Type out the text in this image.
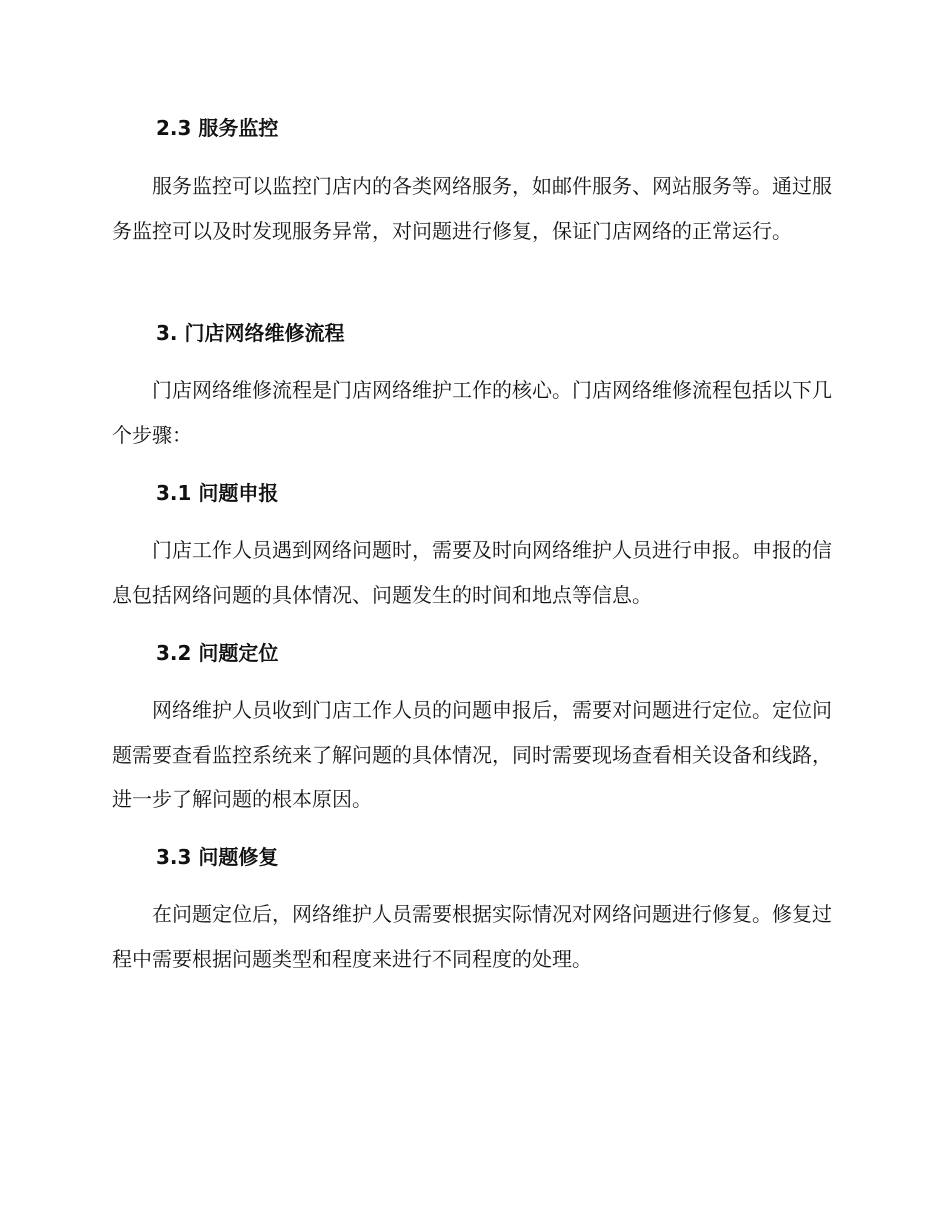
2.3 服务监控

服务监控可以监控门店内的各类网络服务，如邮件服务、网站服务等。通过服务监控可以及时发现服务异常，对问题进行修复，保证门店网络的正常运行。

3. 门店网络维修流程

门店网络维修流程是门店网络维护工作的核心。门店网络维修流程包括以下几个步骤：

3.1 问题申报

门店工作人员遇到网络问题时，需要及时向网络维护人员进行申报。申报的信息包括网络问题的具体情况、问题发生的时间和地点等信息。

3.2 问题定位

网络维护人员收到门店工作人员的问题申报后，需要对问题进行定位。定位问题需要查看监控系统来了解问题的具体情况，同时需要现场查看相关设备和线路，进一步了解问题的根本原因。

3.3 问题修复

在问题定位后，网络维护人员需要根据实际情况对网络问题进行修复。修复过程中需要根据问题类型和程度来进行不同程度的处理。
